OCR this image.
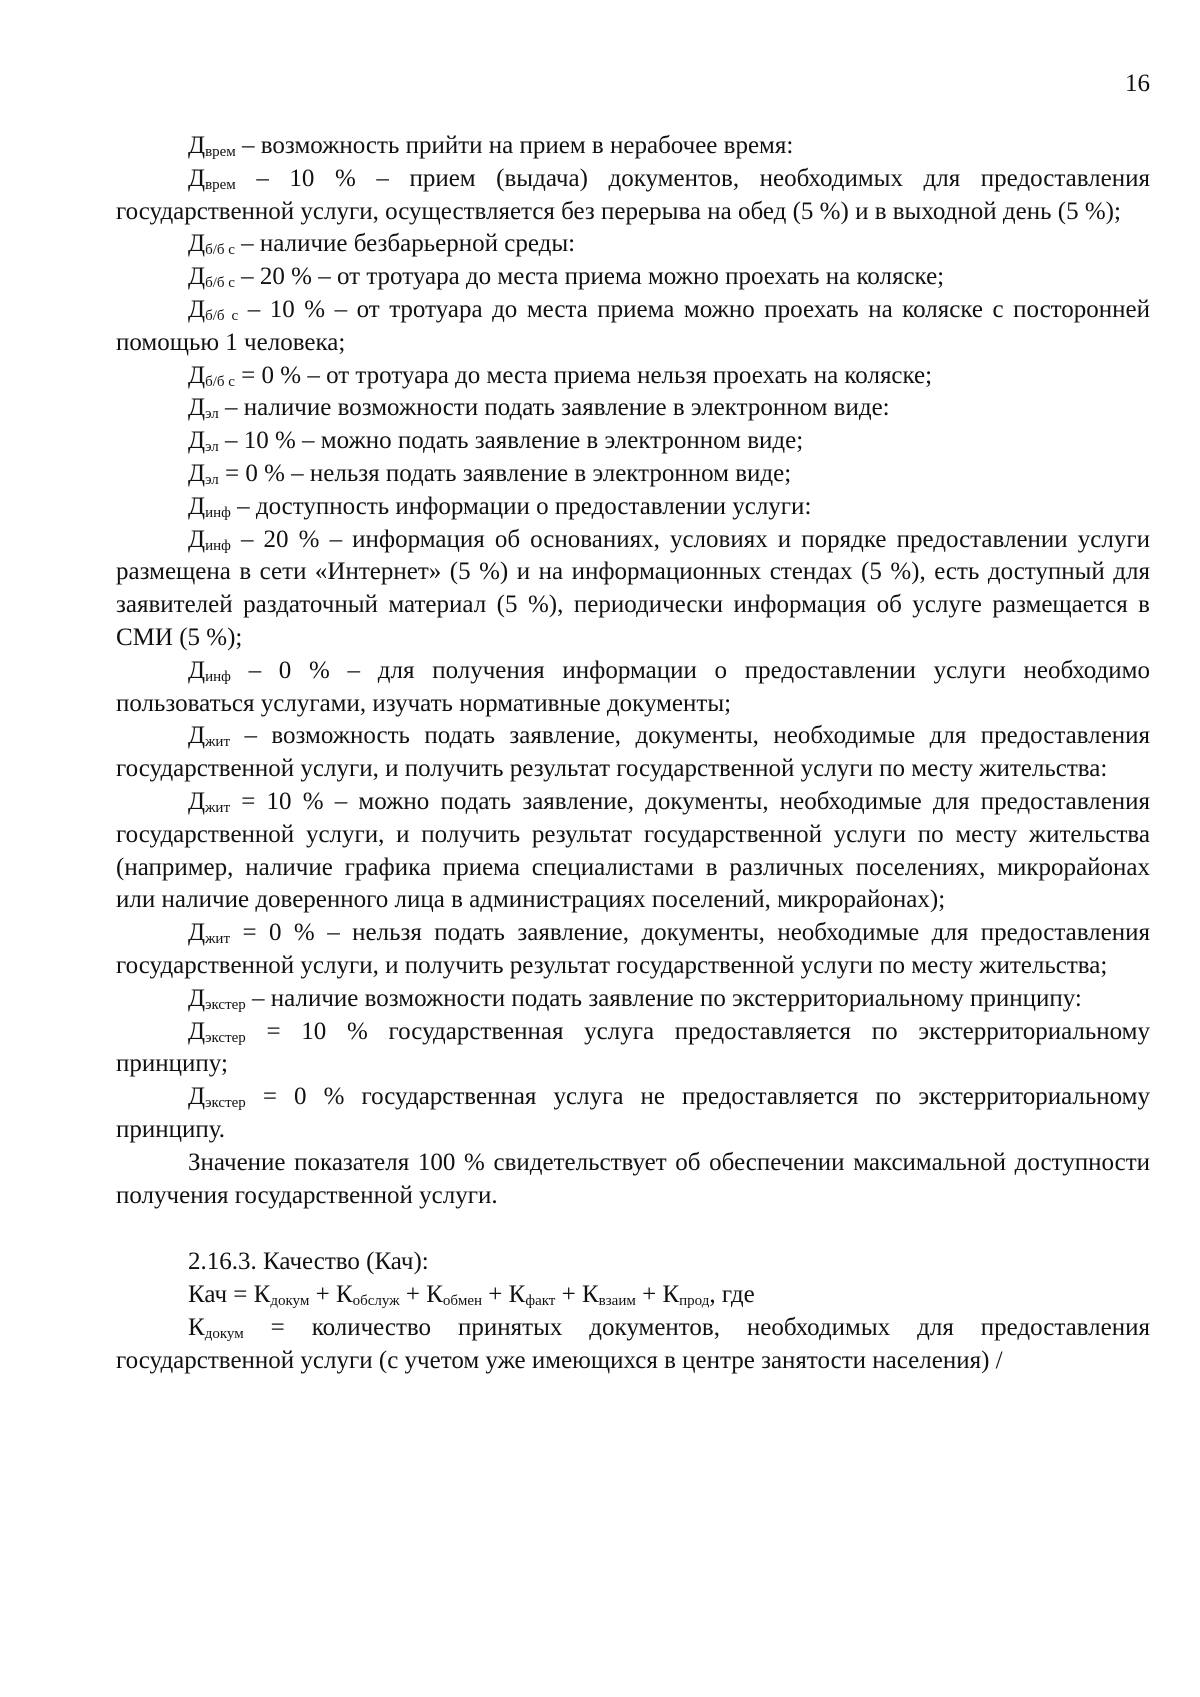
16

$Д_{врем}$ – возможность прийти на прием в нерабочее время:

$Д_{врем} - 10$ % – прием (выдача) документов, необходимых для предоставления государственной услуги, осуществляется без перерыва на обед (5 %) и в выходной день (5 %);

$Д_{б/б с}$ – наличие безбарьерной среды:

$Д_{б/б с} - 20$ % – от тротуара до места приема можно проехать на коляске;

$Д_{б/б с} - 10$ % – от тротуара до места приема можно проехать на коляске с посторонней помощью 1 человека;

$Д_{б/б с} = 0$ % – от тротуара до места приема нельзя проехать на коляске;

$Д_{эл}$ – наличие возможности подать заявление в электронном виде:

$Д_{эл} - 10$ % – можно подать заявление в электронном виде;

$Д_{эл} = 0$ % – нельзя подать заявление в электронном виде;

$Д_{инф}$ – доступность информации о предоставлении услуги:

$Д_{инф} - 20$ % – информация об основаниях, условиях и порядке предоставлении услуги размещена в сети «Интернет» (5 %) и на информационных стендах (5 %), есть доступный для заявителей раздаточный материал (5 %), периодически информация об услуге размещается в СМИ (5 %);

$Д_{инф} - 0$ % – для получения информации о предоставлении услуги необходимо пользоваться услугами, изучать нормативные документы;

$Д_{жит}$ – возможность подать заявление, документы, необходимые для предоставления государственной услуги, и получить результат государственной услуги по месту жительства:

$Д_{жит} = 10$ % – можно подать заявление, документы, необходимые для предоставления государственной услуги, и получить результат государственной услуги по месту жительства (например, наличие графика приема специалистами в различных поселениях, микрорайонах или наличие доверенного лица в администрациях поселений, микрорайонах);

$Д_{жит} = 0$ % – нельзя подать заявление, документы, необходимые для предоставления государственной услуги, и получить результат государственной услуги по месту жительства;

$Д_{экстер}$ – наличие возможности подать заявление по экстерриториальному принципу:

$Д_{экстер} = 10$ % государственная услуга предоставляется по экстерриториальному принципу;

$Д_{экстер} = 0$ % государственная услуга не предоставляется по экстерриториальному принципу.

Значение показателя 100 % свидетельствует об обеспечении максимальной доступности получения государственной услуги.

2.16.3. Качество (Кач):

Кач = $К_{докум} + К_{обслуж} + К_{обмен} + К_{факт} + К_{взаим} + К_{прод}$, где

$К_{докум}$ = количество принятых документов, необходимых для предоставления государственной услуги (с учетом уже имеющихся в центре занятости населения) /
